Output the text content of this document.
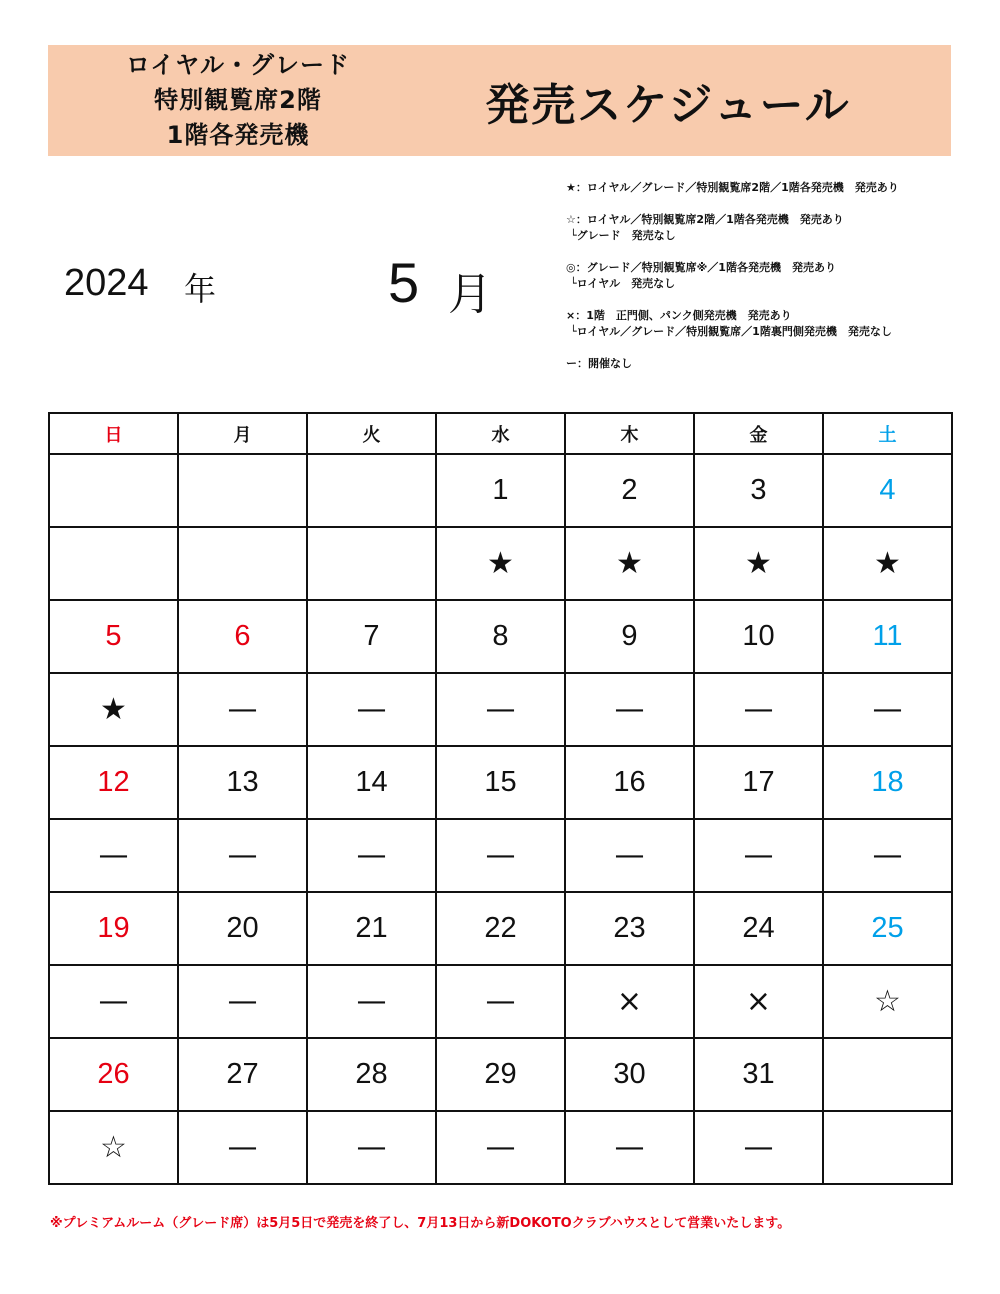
ロイヤル・グレード
特別観覧席2階
1階各発売機
発売スケジュール
2024 年	5 月
★：ロイヤル／グレード／特別観覧席2階／1階各発売機　発売あり
☆：ロイヤル／特別観覧席2階／1階各発売機　発売あり
└グレード　発売なし
◎：グレード／特別観覧席※／1階各発売機　発売あり
└ロイヤル　発売なし
×：1階　正門側、パンク側発売機　発売あり
└ロイヤル／グレード／特別観覧席／1階裏門側発売機　発売なし
ー：開催なし
日	月	火	水	木	金	土
			1	2	3	4
			★	★	★	★
5	6	7	8	9	10	11
★	—	—	—	—	—	—
12	13	14	15	16	17	18
—	—	—	—	—	—	—
19	20	21	22	23	24	25
—	—	—	—	×	×	☆
26	27	28	29	30	31	
☆	—	—	—	—	—	
※プレミアムルーム（グレード席）は5月5日で発売を終了し、7月13日から新DOKOTOクラブハウスとして営業いたします。
